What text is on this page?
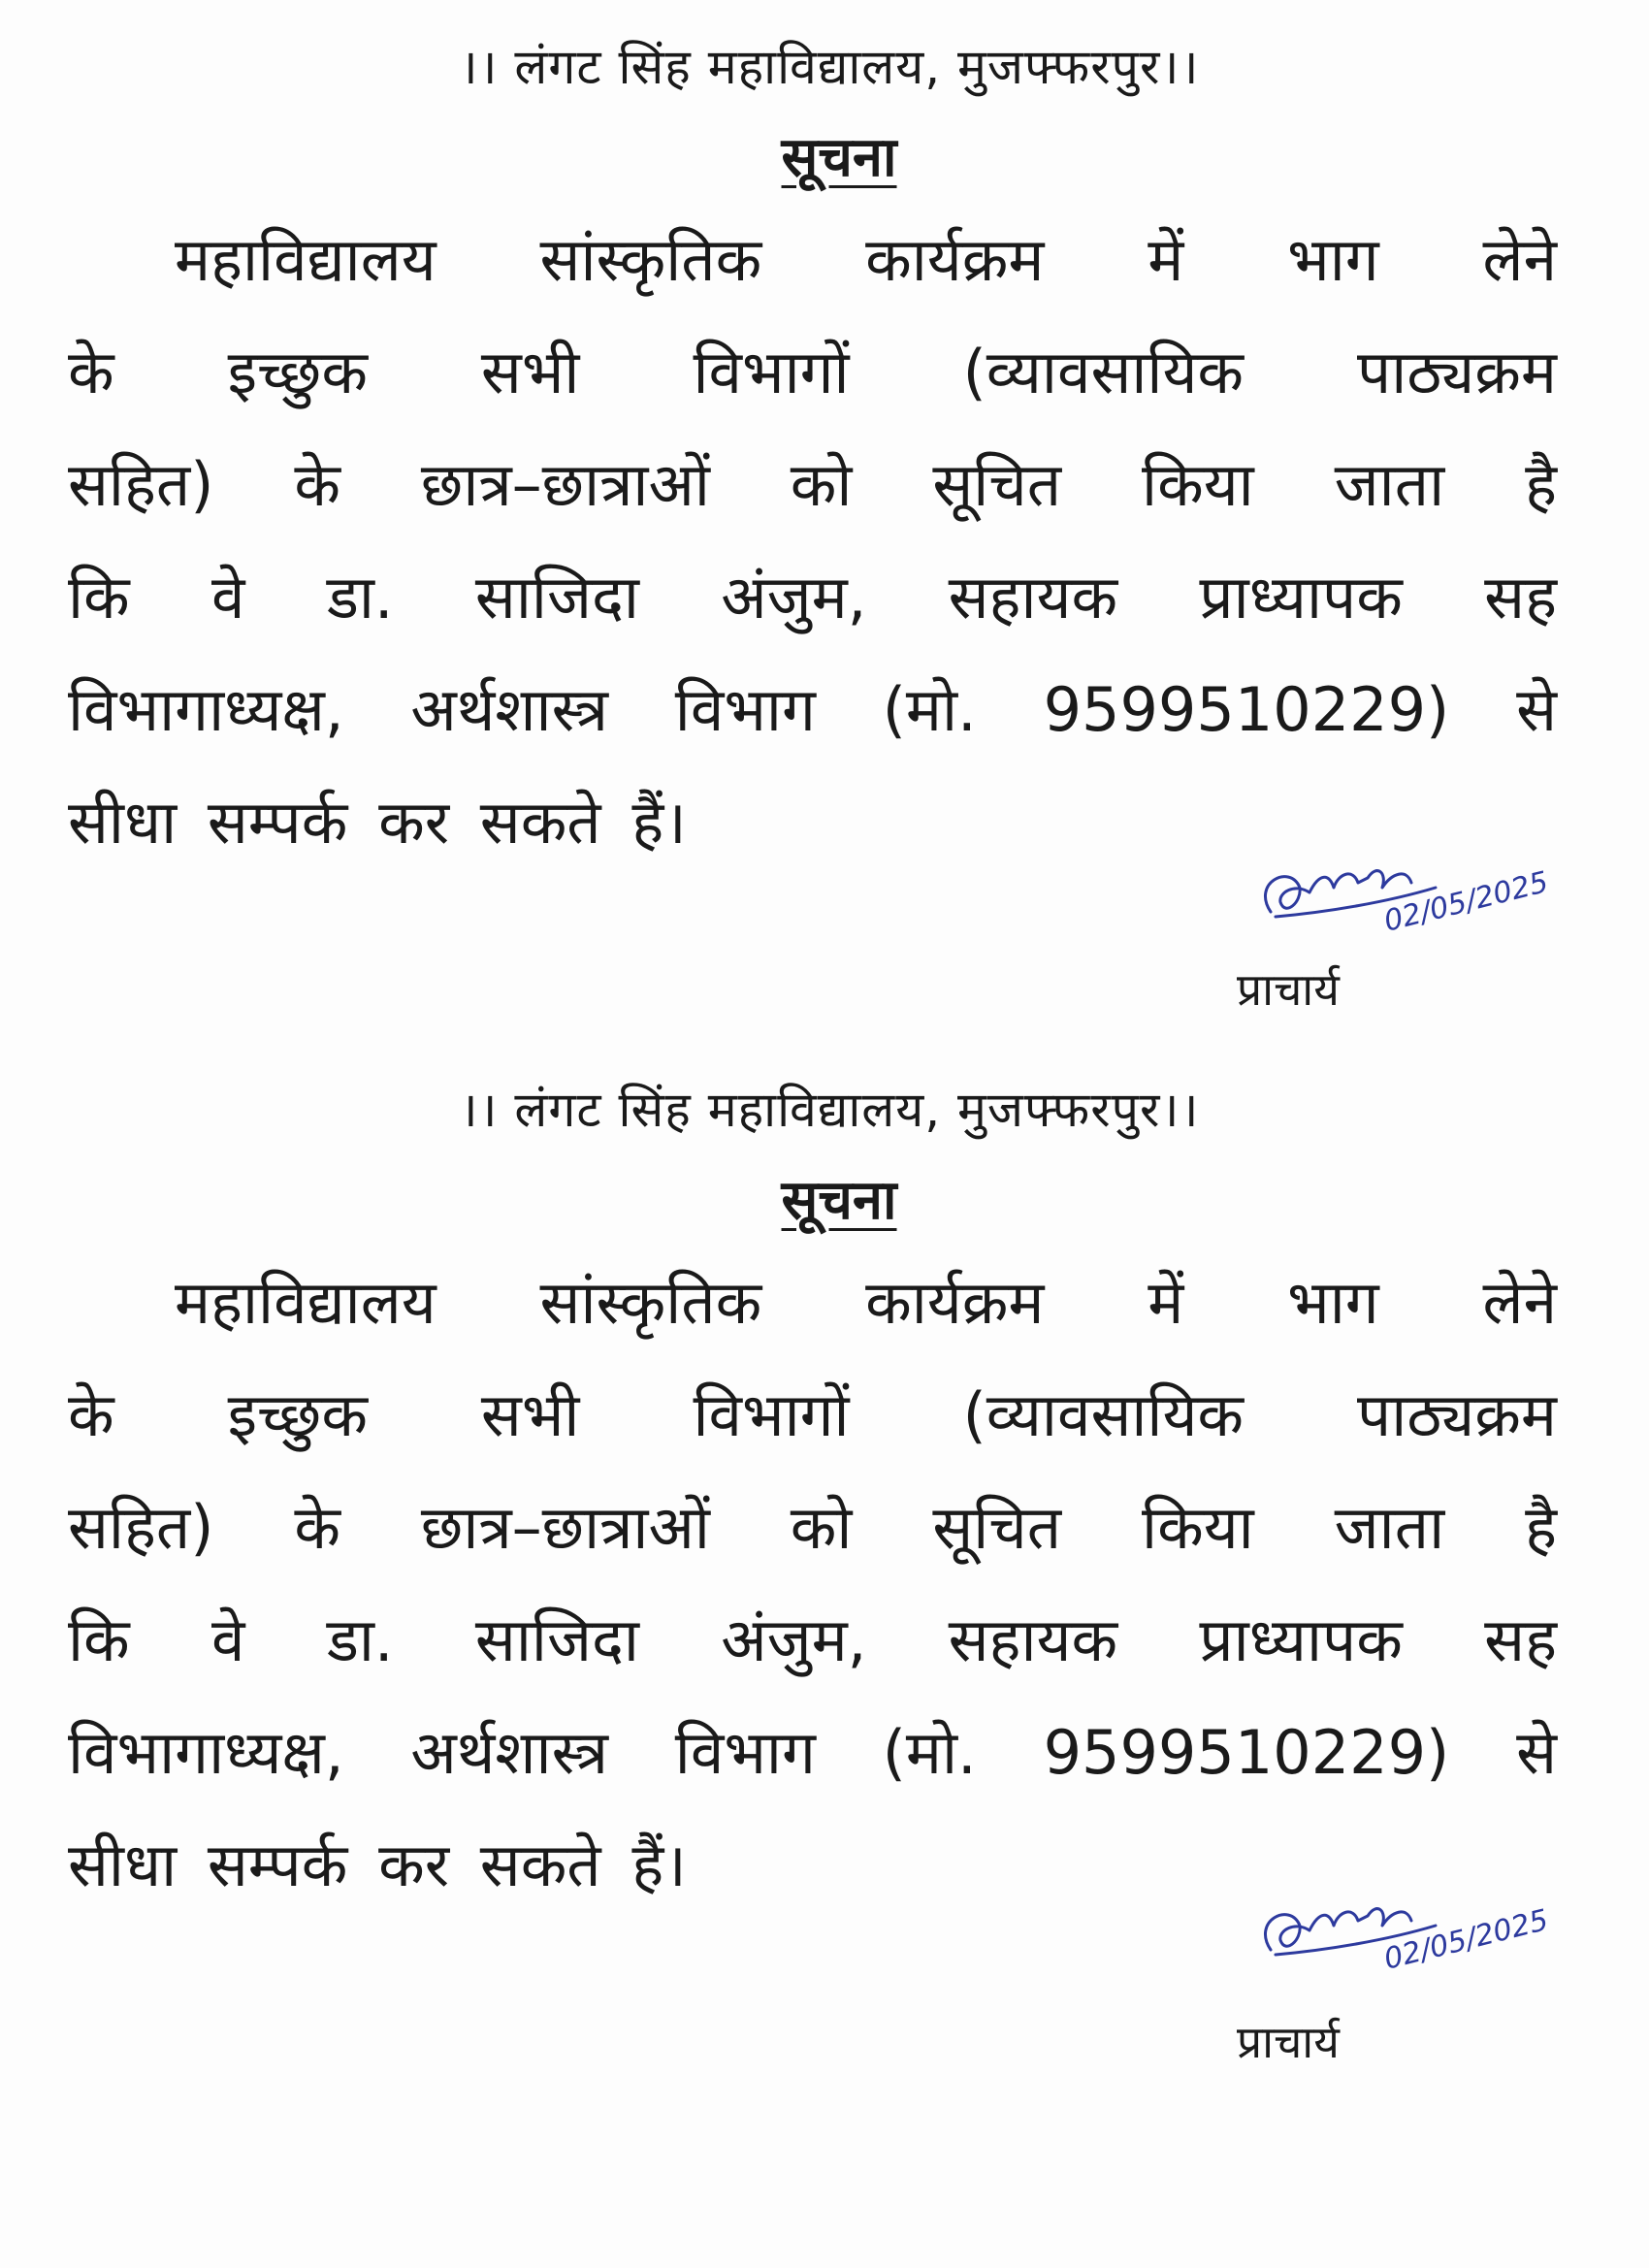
।। लंगट सिंह महाविद्यालय, मुजफ्फरपुर।।
सूचना
महाविद्यालय सांस्कृतिक कार्यक्रम में भाग लेने
के इच्छुक सभी विभागों (व्यावसायिक पाठ्यक्रम
सहित) के छात्र–छात्राओं को सूचित किया जाता है
कि वे डा. साजिदा अंजुम, सहायक प्राध्यापक सह
विभागाध्यक्ष, अर्थशास्त्र विभाग (मो. 9599510229) से
सीधा सम्पर्क कर सकते हैं।
02/05/2025
प्राचार्य
।। लंगट सिंह महाविद्यालय, मुजफ्फरपुर।।
सूचना
महाविद्यालय सांस्कृतिक कार्यक्रम में भाग लेने
के इच्छुक सभी विभागों (व्यावसायिक पाठ्यक्रम
सहित) के छात्र–छात्राओं को सूचित किया जाता है
कि वे डा. साजिदा अंजुम, सहायक प्राध्यापक सह
विभागाध्यक्ष, अर्थशास्त्र विभाग (मो. 9599510229) से
सीधा सम्पर्क कर सकते हैं।
02/05/2025
प्राचार्य
